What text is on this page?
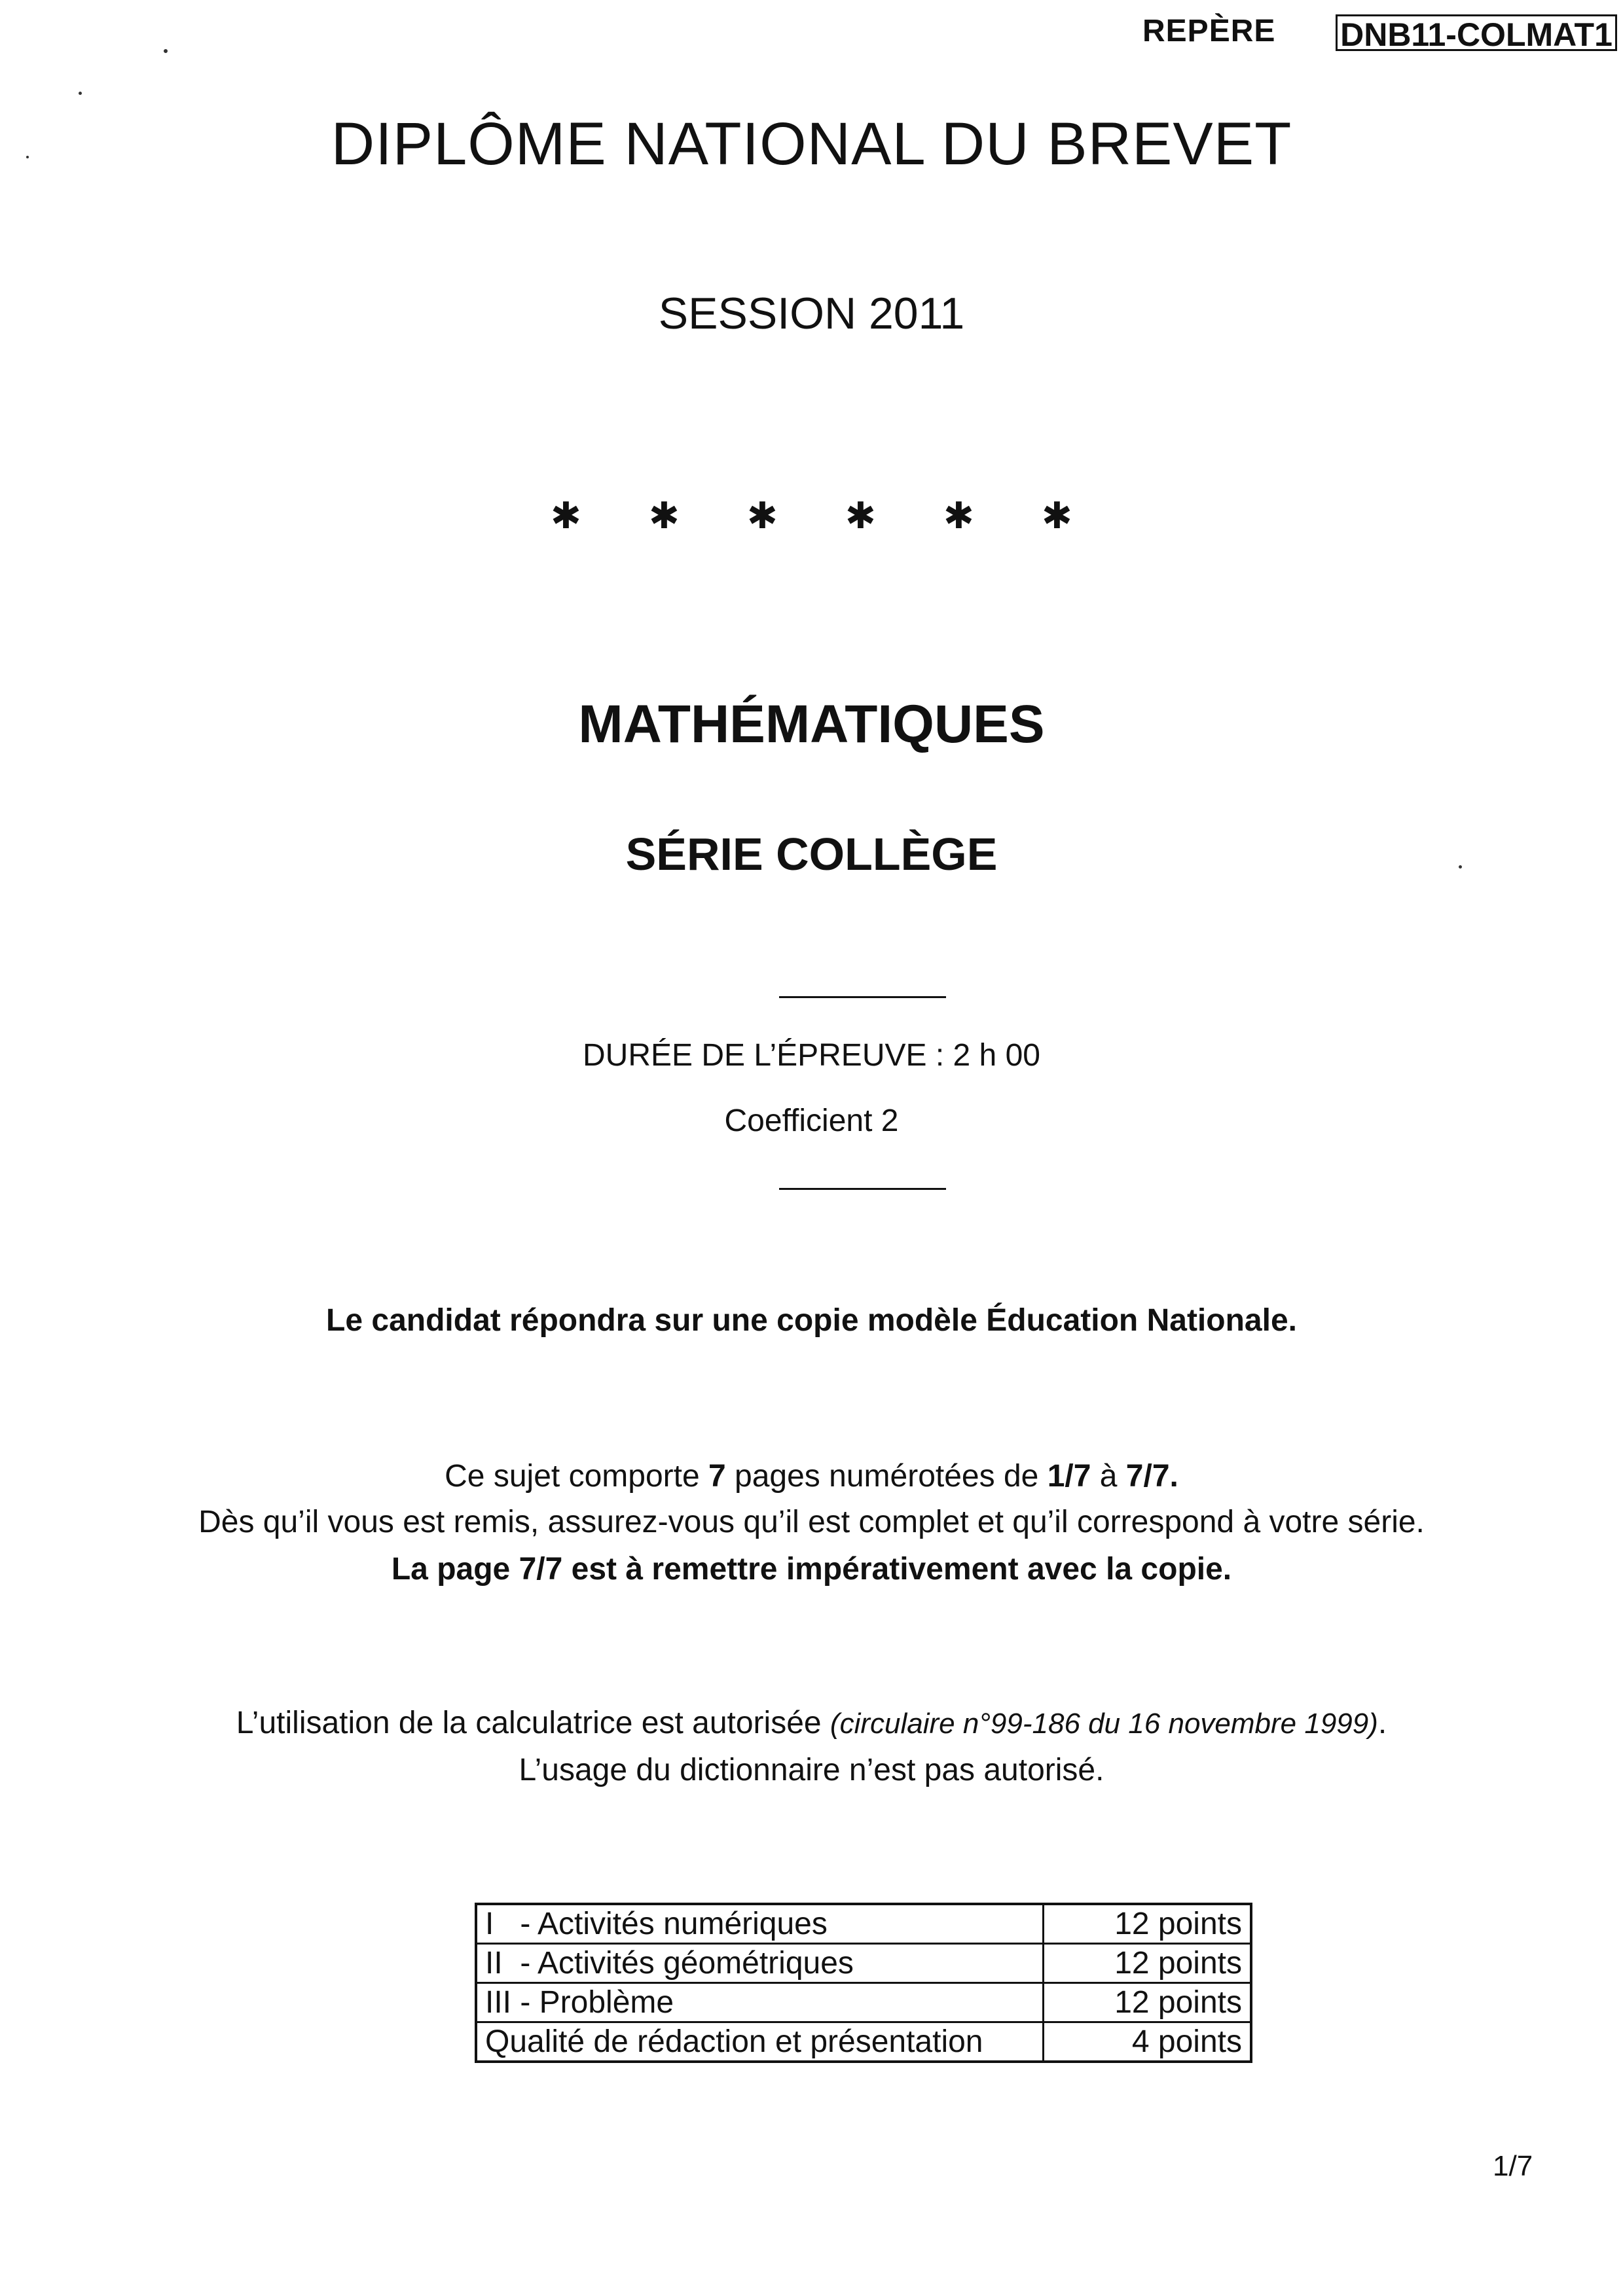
REPÈRE DNB11-COLMAT1
DIPLÔME NATIONAL DU BREVET
SESSION 2011
✱ ✱ ✱ ✱ ✱ ✱
MATHÉMATIQUES
SÉRIE COLLÈGE
DURÉE DE L’ÉPREUVE : 2 h 00
Coefficient 2
Le candidat répondra sur une copie modèle Éducation Nationale.
Ce sujet comporte 7 pages numérotées de 1/7 à 7/7.
Dès qu’il vous est remis, assurez-vous qu’il est complet et qu’il correspond à votre série.
La page 7/7 est à remettre impérativement avec la copie.
L’utilisation de la calculatrice est autorisée (circulaire n°99-186 du 16 novembre 1999).
L’usage du dictionnaire n’est pas autorisé.
I   - Activités numériques	12 points
II  - Activités géométriques	12 points
III - Problème	12 points
Qualité de rédaction et présentation	4 points
1/7
